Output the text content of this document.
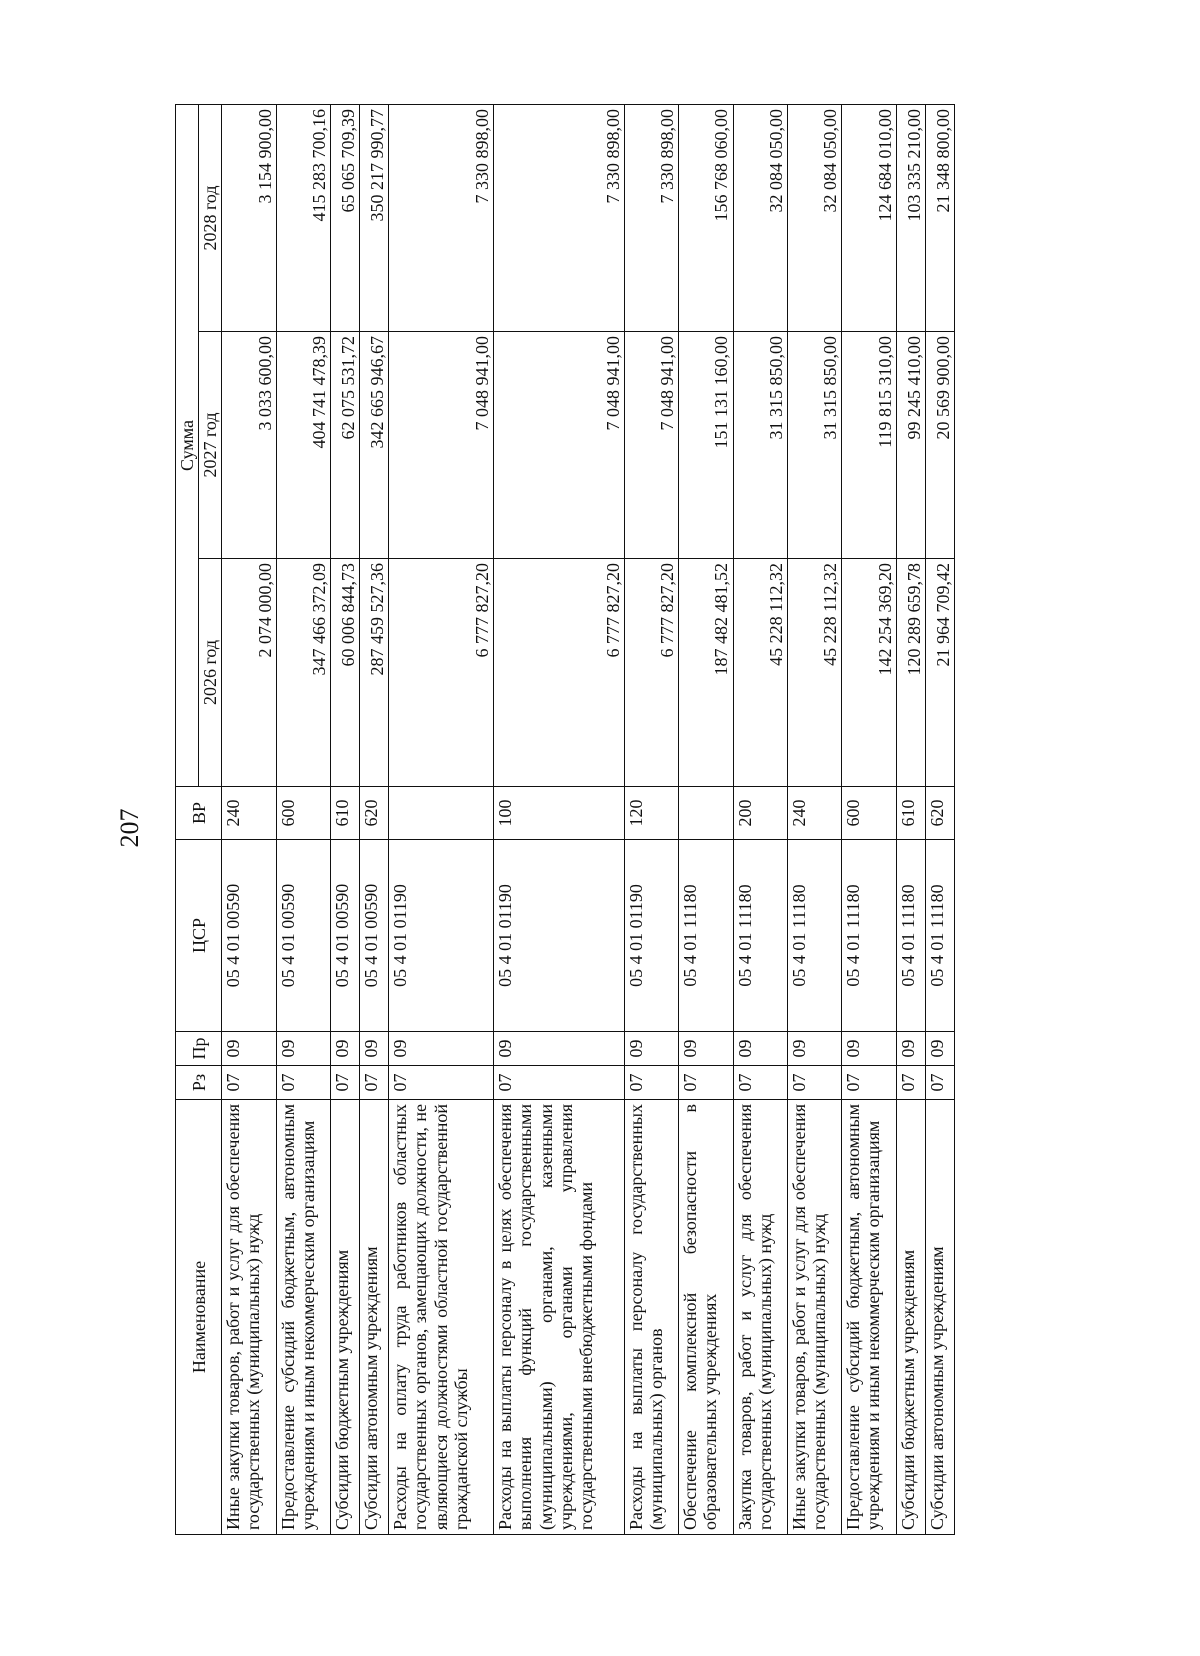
207
Наименование	Рз	Пр	ЦСР	ВР	Сумма		
					2026 год	2027 год	2028 год
Иные закупки товаров, работ и услуг для обеспечения государственных (муниципальных) нужд	07	09	05 4 01 00590	240	2 074 000,00	3 033 600,00	3 154 900,00
Предоставление субсидий бюджетным, автономным учреждениям и иным некоммерческим организациям	07	09	05 4 01 00590	600	347 466 372,09	404 741 478,39	415 283 700,16
Субсидии бюджетным учреждениям	07	09	05 4 01 00590	610	60 006 844,73	62 075 531,72	65 065 709,39
Субсидии автономным учреждениям	07	09	05 4 01 00590	620	287 459 527,36	342 665 946,67	350 217 990,77
Расходы на оплату труда работников областных государственных органов, замещающих должности, не являющиеся должностями областной государственной гражданской службы	07	09	05 4 01 01190		6 777 827,20	7 048 941,00	7 330 898,00
Расходы на выплаты персоналу в целях обеспечения выполнения функций государственными (муниципальными) органами, казенными учреждениями, органами управления государственными внебюджетными фондами	07	09	05 4 01 01190	100	6 777 827,20	7 048 941,00	7 330 898,00
Расходы на выплаты персоналу государственных (муниципальных) органов	07	09	05 4 01 01190	120	6 777 827,20	7 048 941,00	7 330 898,00
Обеспечение комплексной безопасности в образовательных учреждениях	07	09	05 4 01 11180		187 482 481,52	151 131 160,00	156 768 060,00
Закупка товаров, работ и услуг для обеспечения государственных (муниципальных) нужд	07	09	05 4 01 11180	200	45 228 112,32	31 315 850,00	32 084 050,00
Иные закупки товаров, работ и услуг для обеспечения государственных (муниципальных) нужд	07	09	05 4 01 11180	240	45 228 112,32	31 315 850,00	32 084 050,00
Предоставление субсидий бюджетным, автономным учреждениям и иным некоммерческим организациям	07	09	05 4 01 11180	600	142 254 369,20	119 815 310,00	124 684 010,00
Субсидии бюджетным учреждениям	07	09	05 4 01 11180	610	120 289 659,78	99 245 410,00	103 335 210,00
Субсидии автономным учреждениям	07	09	05 4 01 11180	620	21 964 709,42	20 569 900,00	21 348 800,00
